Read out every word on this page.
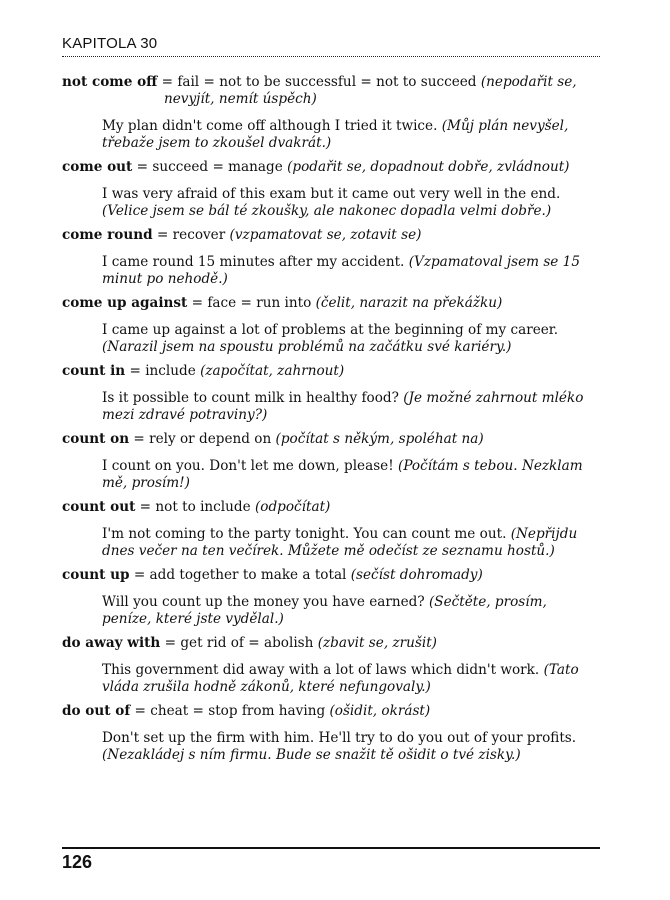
KAPITOLA 30

not come off = fail = not to be successful = not to succeed (nepodařit se, nevyjít, nemít úspěch)

My plan didn't come off although I tried it twice. (Můj plán nevyšel, třebaže jsem to zkoušel dvakrát.)

come out = succeed = manage (podařit se, dopadnout dobře, zvládnout)

I was very afraid of this exam but it came out very well in the end. (Velice jsem se bál té zkoušky, ale nakonec dopadla velmi dobře.)

come round = recover (vzpamatovat se, zotavit se)

I came round 15 minutes after my accident. (Vzpamatoval jsem se 15 minut po nehodě.)

come up against = face = run into (čelit, narazit na překážku)

I came up against a lot of problems at the beginning of my career. (Narazil jsem na spoustu problémů na začátku své kariéry.)

count in = include (započítat, zahrnout)

Is it possible to count milk in healthy food? (Je možné zahrnout mléko mezi zdravé potraviny?)

count on = rely or depend on (počítat s někým, spoléhat na)

I count on you. Don't let me down, please! (Počítám s tebou. Nezklam mě, prosím!)

count out = not to include (odpočítat)

I'm not coming to the party tonight. You can count me out. (Nepřijdu dnes večer na ten večírek. Můžete mě odečíst ze seznamu hostů.)

count up = add together to make a total (sečíst dohromady)

Will you count up the money you have earned? (Sečtěte, prosím, peníze, které jste vydělal.)

do away with = get rid of = abolish (zbavit se, zrušit)

This government did away with a lot of laws which didn't work. (Tato vláda zrušila hodně zákonů, které nefungovaly.)

do out of = cheat = stop from having (ošidit, okrást)

Don't set up the firm with him. He'll try to do you out of your profits. (Nezakládej s ním firmu. Bude se snažit tě ošidit o tvé zisky.)

126
